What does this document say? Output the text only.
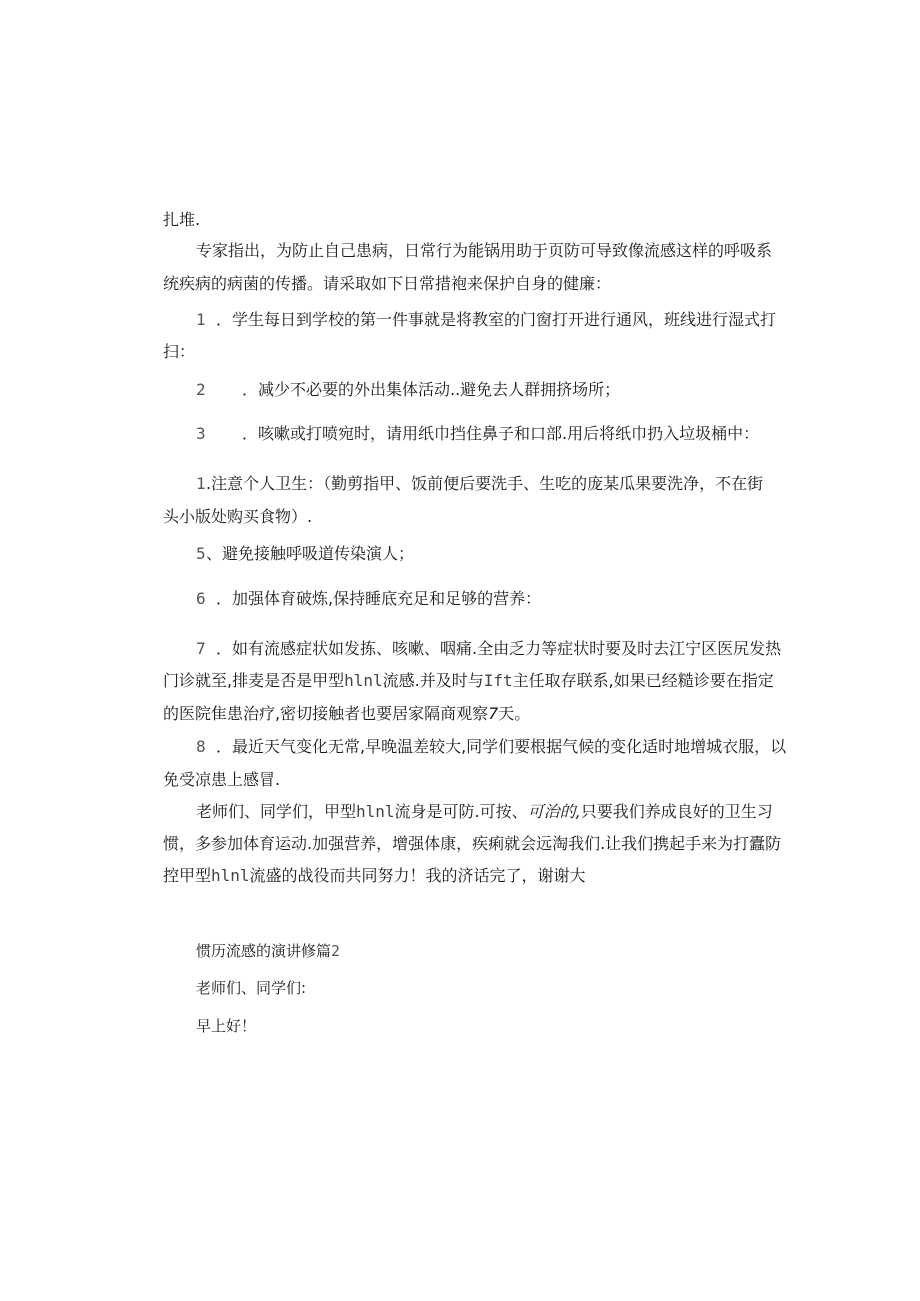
扎堆.

专家指出，为防止自己患病，日常行为能锅用助于页防可导致像流感这样的呼吸系

统疾病的病菌的传播。请采取如下日常措袍来保护自身的健廉：

1 ．学生每日到学校的第一件事就是将教室的门窗打开进行通风，班线进行湿式打

扫：

2 ．减少不必要的外出集体活动..避免去人群拥挤场所；

3 ．咳嗽或打喷宛时，请用纸巾挡住鼻子和口部.用后将纸巾扔入垃圾桶中：

1.注意个人卫生：（勤剪指甲、饭前便后要洗手、生吃的庞某瓜果要洗净，不在街

头小版处购买食物）.

5、避免接触呼吸道传染演人；

6 ．加强体育破炼,保持睡底充足和足够的营养：

7 ．如有流感症状如发拣、咳嗽、咽痛.全由乏力等症状时要及时去江宁区医尻发热

门诊就至,排麦是否是甲型hlnl流感.并及时与Ift主任取存联系,如果已经糙诊要在指定

的医院隹患治疗,密切接触者也要居家隔商观察7天。

8 ．最近天气变化无常,早晚温差较大,同学们要根据气候的变化适时地增城衣服，以

免受凉患上感冒.

老师们、同学们，甲型hlnl流身是可防.可按、可治的,只要我们养成良好的卫生习

惯，多参加体育运动.加强营养，增强体康，疾痢就会远淘我们.让我们携起手来为打蠹防

控甲型hlnl流盛的战役而共同努力！我的济话完了，谢谢大

惯历流感的演讲修篇2

老师们、同学们:

早上好！
